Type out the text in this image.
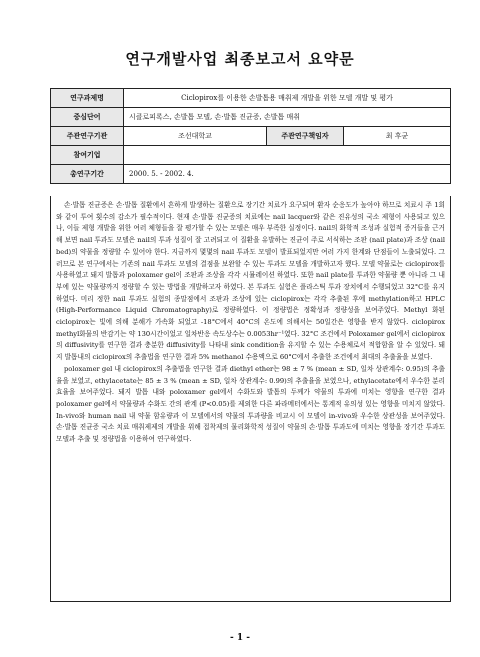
연구개발사업 최종보고서 요약문
연구과제명	Ciclopirox를 이용한 손발톱용 매취제 개발을 위한 모델 개발 및 평가		
중심단어	시클로피록스, 손발톱 모델, 손·발톱 진균증, 손발톱 매취		
주관연구기관	조선대학교	주관연구책임자	최 후균
참여기업			
총연구기간	2000. 5. - 2002. 4.		

손·발톱 진균증은 손·발톱 질환에서 흔하게 발생하는 질환으로 장기간 치료가 요구되며 환자 순응도가 높아야 하므로 치료시 주 1회와 같이 투여 횟수의 감소가 필수적이다. 현재 손·발톱 진균증의 치료에는 nail lacquer와 같은 진유성의 국소 제형이 사용되고 있으나, 이들 제형 개발을 위한 여러 체형들을 잘 평가할 수 있는 모델은 매우 부족한 실정이다. nail의 화학적 조성과 실험적 증거들을 근거해 보면 nail 투과도 모델은 nail의 투과 성질이 잘 고려되고 이 질환을 유발하는 진균이 주로 서식하는 조판 (nail plate)과 조상 (nail bed)의 약물을 정량할 수 있어야 한다. 지금까지 몇몇의 nail 투과도 모델이 발표되었지만 여러 가지 한계와 단점들이 노출되었다. 그러므로 본 연구에서는 기존의 nail 투과도 모델의 결점을 보완할 수 있는 투과도 모델을 개발하고자 했다. 모델 약물로는 ciclopirox를 사용하였고 돼지 발톱과 poloxamer gel이 조판과 조상을 각각 시뮬레이션 하였다. 또한 nail plate를 투과한 약물량 뿐 아니라 그 내부에 있는 약물량까지 정량할 수 있는 방법을 개발하고자 하였다. 본 투과도 실험은 플라스틱 투과 장치에서 수행되었고 32°C를 유지하였다. 미리 정한 nail 투과도 실험의 종말점에서 조판과 조상에 있는 ciclopirox는 각각 추출된 후에 methylation하고 HPLC (High-Performance Liquid Chromatography)로 정량하였다. 이 정량법은 정확성과 정량성을 보여주었다. Methyl 화된 ciclopirox는 빛에 의해 분해가 가속화 되었고 -18°C에서 40°C의 온도에 의해서는 50일간은 영향을 받지 않았다. ciclopirox methyl화물의 반감기는 약 130시간이었고 일차반응 속도상수는 0.0053hr⁻¹였다. 32°C 조건에서 Poloxamer gel에서 ciclopirox의 diffusivity를 연구한 결과 충분한 diffusivity를 나타내 sink condition을 유지할 수 있는 수용체로서 적합함을 알 수 있었다. 돼지 발톱내의 ciclopirox의 추출법을 연구한 결과 5% methanol 수용액으로 60°C에서 추출한 조건에서 최대의 추출율을 보였다.

poloxamer gel 내 ciclopirox의 추출법을 연구한 결과 diethyl ether는 98 ± 7 % (mean ± SD, 일차 상관계수: 0.95)의 추출율을 보였고, ethylacetate는 85 ± 3 % (mean ± SD, 일차 상관계수: 0.99)의 추출율을 보였으나, ethylacetate에서 우수한 분리효율을 보여주었다. 돼지 발톱 내와 poloxamer gel에서 수화도와 발톱의 두께가 약물의 투과에 미치는 영향을 연구한 결과 poloxamer gel에서 약물량과 수화도 간의 관계 (P<0.05)를 제외한 다른 파라메터에서는 통계적 유의성 있는 영향을 미치지 않았다. In-vivo와 human nail 내 약물 함유량과 이 모델에서의 약물의 투과량을 비교시 이 모델이 in-vivo와 우수한 상관성을 보여주었다. 손·발톱 진균증 국소 치료 매취제제의 개발을 위해 접착제의 물리화학적 성질이 약물의 손·발톱 투과도에 미치는 영향을 장기간 투과도 모델과 추출 및 정량법을 이용하여 연구하였다.

- 1 -
